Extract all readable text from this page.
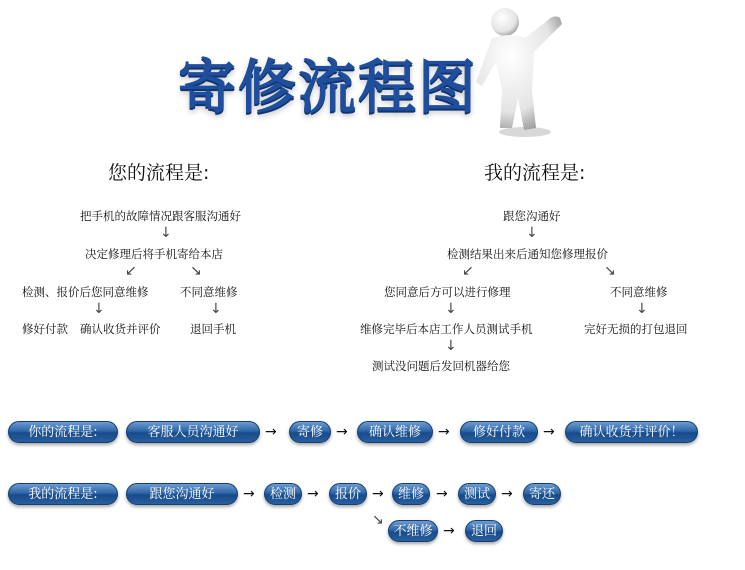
寄修流程图
您的流程是:
把手机的故障情况跟客服沟通好
↓
决定修理后将手机寄给本店
↙	↘
检测、报价后您同意维修	不同意维修
↓	↓
修好付款 确认收货并评价	退回手机
我的流程是:
跟您沟通好
↓
检测结果出来后通知您修理报价
↙	↘
您同意后方可以进行修理	不同意维修
↓	↓
维修完毕后本店工作人员测试手机	完好无损的打包退回
↓
测试没问题后发回机器给您
你的流程是:	客服人员沟通好	→	寄修 →	确认维修	→	修好付款	→	确认收货并评价！
我的流程是:	跟您沟通好	→	检测 →	报价 →	维修 →	测试 →	寄还
↘
不维修 →	退回
